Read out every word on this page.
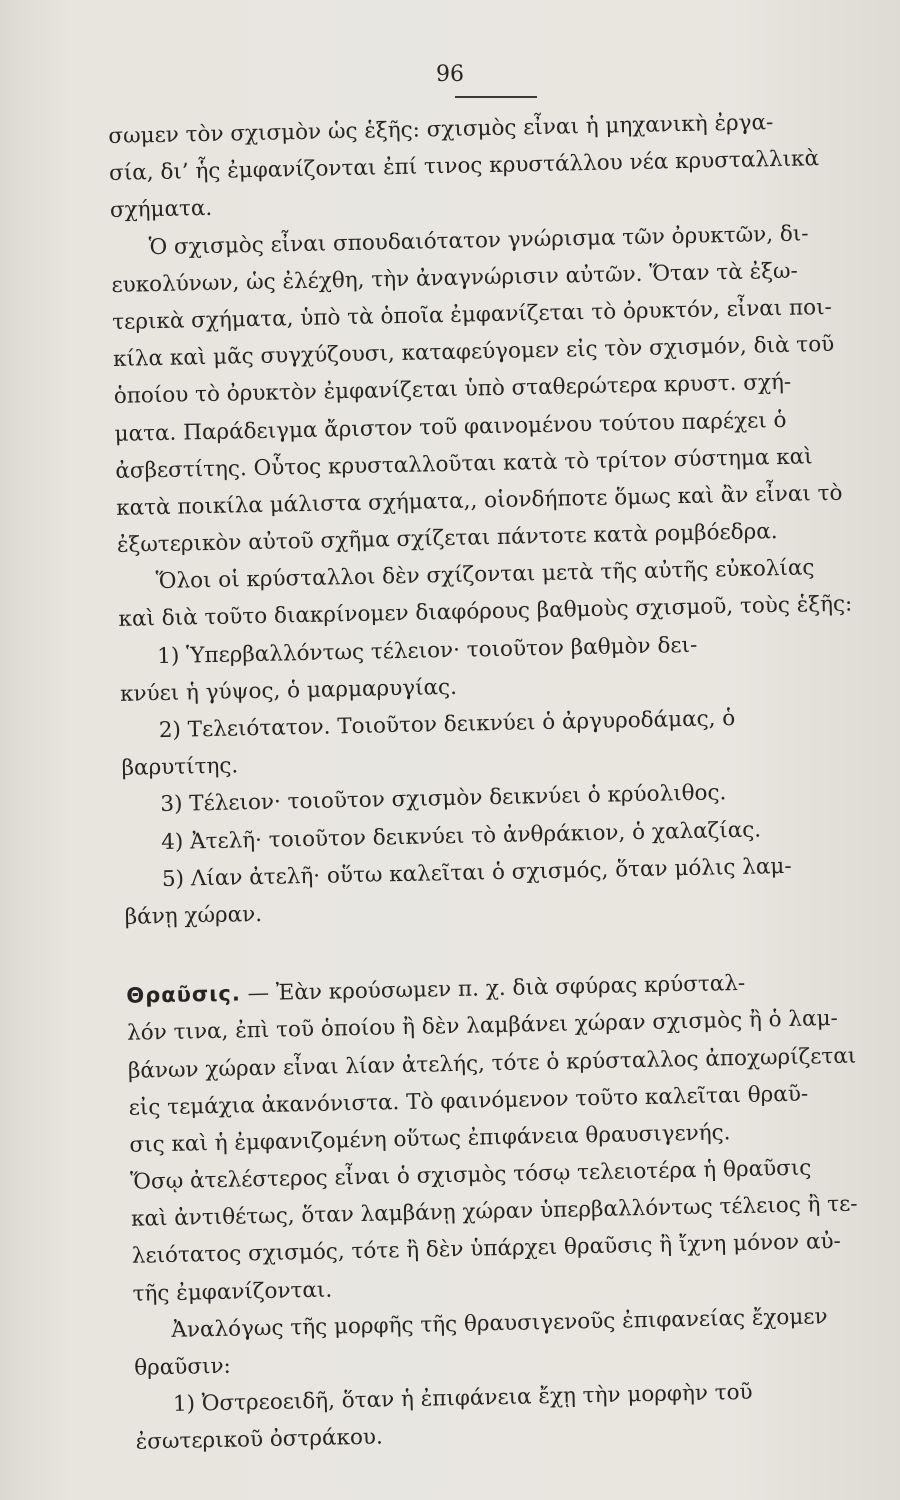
96
σωμεν τὸν σχισμὸν ὡς ἑξῆς: σχισμὸς εἶναι ἡ μηχανικὴ ἐργα-
σία, δι’ ἧς ἐμφανίζονται ἐπί τινος κρυστάλλου νέα κρυσταλλικὰ
σχήματα.
Ὁ σχισμὸς εἶναι σπουδαιότατον γνώρισμα τῶν ὀρυκτῶν, δι-
ευκολύνων, ὡς ἐλέχθη, τὴν ἀναγνώρισιν αὐτῶν. Ὅταν τὰ ἐξω-
τερικὰ σχήματα, ὑπὸ τὰ ὁποῖα ἐμφανίζεται τὸ ὀρυκτόν, εἶναι ποι-
κίλα καὶ μᾶς συγχύζουσι, καταφεύγομεν εἰς τὸν σχισμόν, διὰ τοῦ
ὁποίου τὸ ὀρυκτὸν ἐμφανίζεται ὑπὸ σταθερώτερα κρυστ. σχή-
ματα. Παράδειγμα ἄριστον τοῦ φαινομένου τούτου παρέχει ὁ
ἀσβεστίτης. Οὗτος κρυσταλλοῦται κατὰ τὸ τρίτον σύστημα καὶ
κατὰ ποικίλα μάλιστα σχήματα,, οἱονδήποτε ὅμως καὶ ἂν εἶναι τὸ
ἐξωτερικὸν αὐτοῦ σχῆμα σχίζεται πάντοτε κατὰ ρομβόεδρα.
Ὅλοι οἱ κρύσταλλοι δὲν σχίζονται μετὰ τῆς αὐτῆς εὐκολίας
καὶ διὰ τοῦτο διακρίνομεν διαφόρους βαθμοὺς σχισμοῦ, τοὺς ἑξῆς:
1) Ὑπερβαλλόντως τέλειον· τοιοῦτον βαθμὸν δει-
κνύει ἡ γύψος, ὁ μαρμαρυγίας.
2) Τελειότατον. Τοιοῦτον δεικνύει ὁ ἀργυροδάμας, ὁ
βαρυτίτης.
3) Τέλειον· τοιοῦτον σχισμὸν δεικνύει ὁ κρύολιθος.
4) Ἀτελῆ· τοιοῦτον δεικνύει τὸ ἀνθράκιον, ὁ χαλαζίας.
5) Λίαν ἀτελῆ· οὕτω καλεῖται ὁ σχισμός, ὅταν μόλις λαμ-
βάνῃ χώραν.
Θραῦσις. — Ἐὰν κρούσωμεν π. χ. διὰ σφύρας κρύσταλ-
λόν τινα, ἐπὶ τοῦ ὁποίου ἢ δὲν λαμβάνει χώραν σχισμὸς ἢ ὁ λαμ-
βάνων χώραν εἶναι λίαν ἀτελής, τότε ὁ κρύσταλλος ἀποχωρίζεται
εἰς τεμάχια ἀκανόνιστα. Τὸ φαινόμενον τοῦτο καλεῖται θραῦ-
σις καὶ ἡ ἐμφανιζομένη οὕτως ἐπιφάνεια θραυσιγενής.
Ὅσῳ ἀτελέστερος εἶναι ὁ σχισμὸς τόσῳ τελειοτέρα ἡ θραῦσις
καὶ ἀντιθέτως, ὅταν λαμβάνῃ χώραν ὑπερβαλλόντως τέλειος ἢ τε-
λειότατος σχισμός, τότε ἢ δὲν ὑπάρχει θραῦσις ἢ ἴχνη μόνον αὐ-
τῆς ἐμφανίζονται.
Ἀναλόγως τῆς μορφῆς τῆς θραυσιγενοῦς ἐπιφανείας ἔχομεν
θραῦσιν:
1) Ὀστρεοειδῆ, ὅταν ἡ ἐπιφάνεια ἔχῃ τὴν μορφὴν τοῦ
ἐσωτερικοῦ ὀστράκου.
